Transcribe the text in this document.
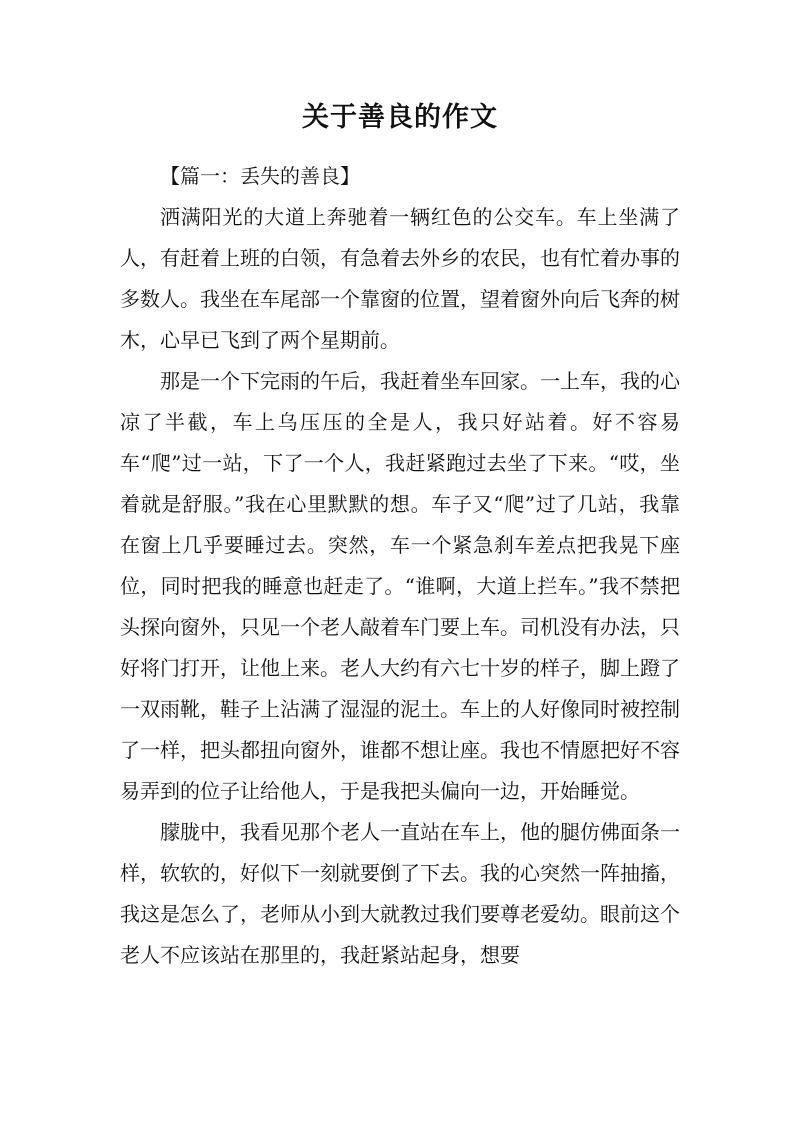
关于善良的作文

【篇一：丢失的善良】

洒满阳光的大道上奔驰着一辆红色的公交车。车上坐满了人，有赶着上班的白领，有急着去外乡的农民，也有忙着办事的多数人。我坐在车尾部一个靠窗的位置，望着窗外向后飞奔的树木，心早已飞到了两个星期前。

那是一个下完雨的午后，我赶着坐车回家。一上车，我的心凉了半截，车上乌压压的全是人，我只好站着。好不容易车“爬”过一站，下了一个人，我赶紧跑过去坐了下来。“哎，坐着就是舒服。”我在心里默默的想。车子又“爬”过了几站，我靠在窗上几乎要睡过去。突然，车一个紧急刹车差点把我晃下座位，同时把我的睡意也赶走了。“谁啊，大道上拦车。”我不禁把头探向窗外，只见一个老人敲着车门要上车。司机没有办法，只好将门打开，让他上来。老人大约有六七十岁的样子，脚上蹬了一双雨靴，鞋子上沾满了湿湿的泥土。车上的人好像同时被控制了一样，把头都扭向窗外，谁都不想让座。我也不情愿把好不容易弄到的位子让给他人，于是我把头偏向一边，开始睡觉。

朦胧中，我看见那个老人一直站在车上，他的腿仿佛面条一样，软软的，好似下一刻就要倒了下去。我的心突然一阵抽搐，我这是怎么了，老师从小到大就教过我们要尊老爱幼。眼前这个老人不应该站在那里的，我赶紧站起身，想要
